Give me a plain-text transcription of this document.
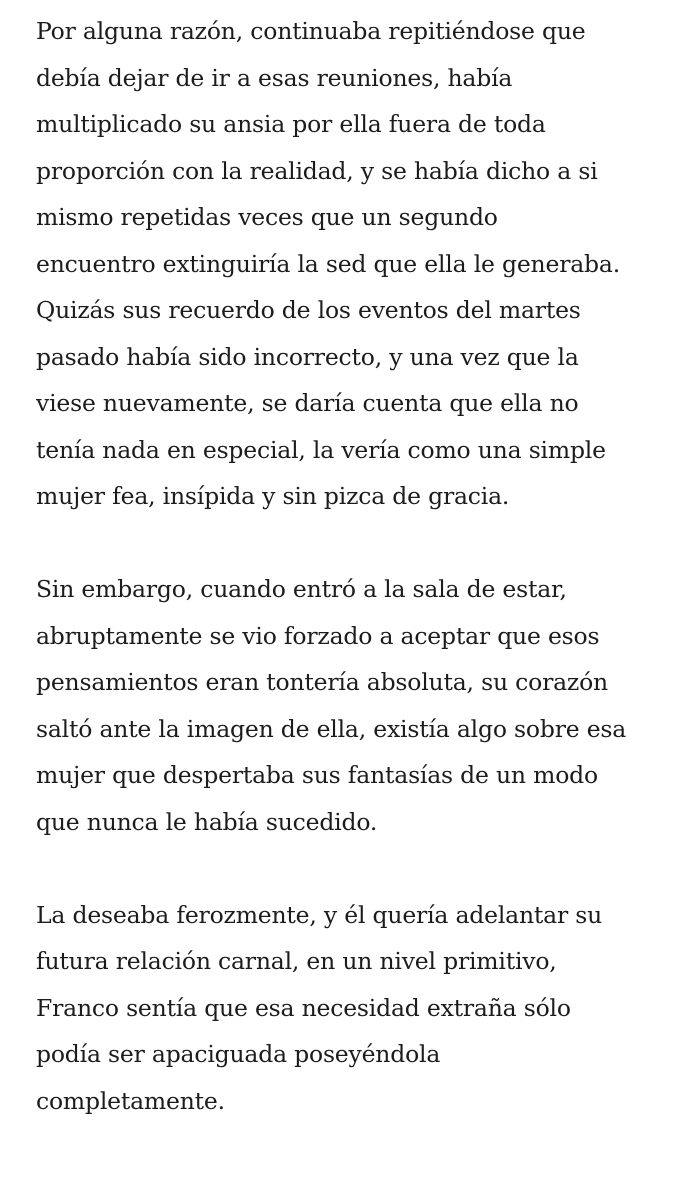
Por alguna razón, continuaba repitiéndose que
debía dejar de ir a esas reuniones, había
multiplicado su ansia por ella fuera de toda
proporción con la realidad, y se había dicho a si
mismo repetidas veces que un segundo
encuentro extinguiría la sed que ella le generaba.
Quizás sus recuerdo de los eventos del martes
pasado había sido incorrecto, y una vez que la
viese nuevamente, se daría cuenta que ella no
tenía nada en especial, la vería como una simple
mujer fea, insípida y sin pizca de gracia.

Sin embargo, cuando entró a la sala de estar,
abruptamente se vio forzado a aceptar que esos
pensamientos eran tontería absoluta, su corazón
saltó ante la imagen de ella, existía algo sobre esa
mujer que despertaba sus fantasías de un modo
que nunca le había sucedido.

La deseaba ferozmente, y él quería adelantar su
futura relación carnal, en un nivel primitivo,
Franco sentía que esa necesidad extraña sólo
podía ser apaciguada poseyéndola
completamente.
